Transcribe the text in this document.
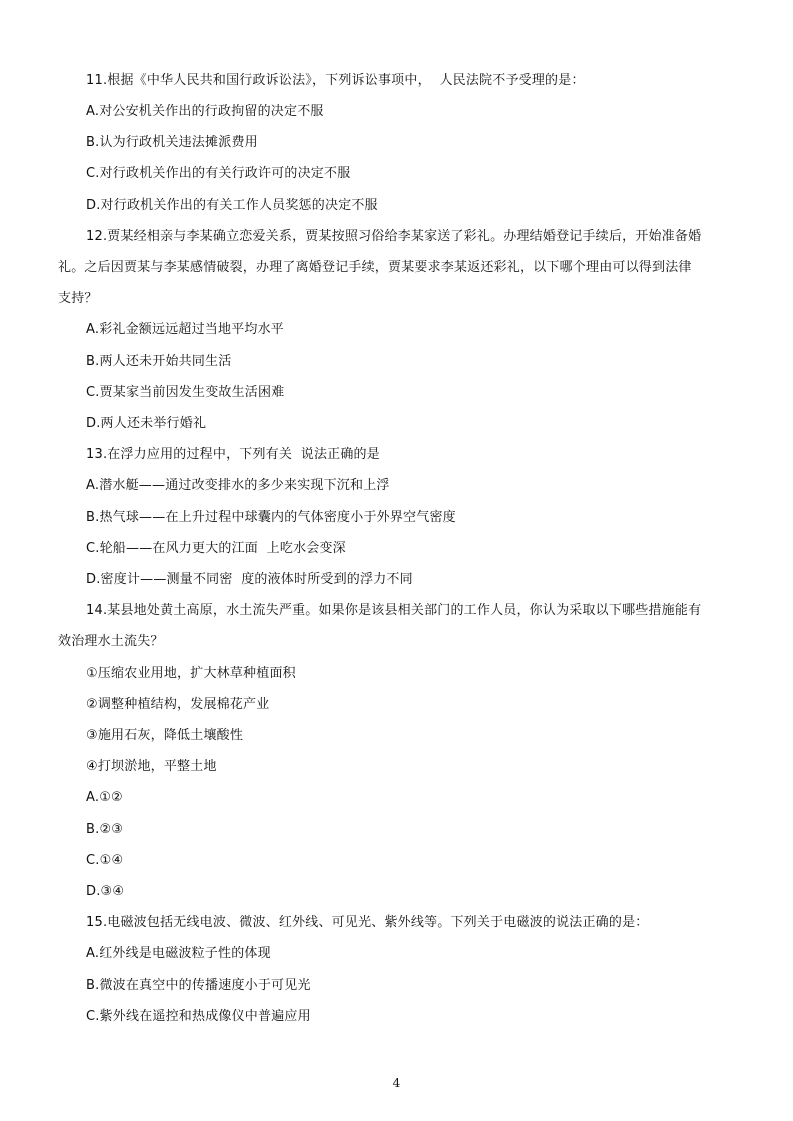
11.根据《中华人民共和国行政诉讼法》，下列诉讼事项中，  人民法院不予受理的是：
A.对公安机关作出的行政拘留的决定不服
B.认为行政机关违法摊派费用
C.对行政机关作出的有关行政许可的决定不服
D.对行政机关作出的有关工作人员奖惩的决定不服
12.贾某经相亲与李某确立恋爱关系，贾某按照习俗给李某家送了彩礼。办理结婚登记手续后，开始准备婚
礼。之后因贾某与李某感情破裂，办理了离婚登记手续，贾某要求李某返还彩礼，以下哪个理由可以得到法律
支持？
A.彩礼金额远远超过当地平均水平
B.两人还未开始共同生活
C.贾某家当前因发生变故生活困难
D.两人还未举行婚礼
13.在浮力应用的过程中，下列有关  说法正确的是
A.潜水艇——通过改变排水的多少来实现下沉和上浮
B.热气球——在上升过程中球囊内的气体密度小于外界空气密度
C.轮船——在风力更大的江面  上吃水会变深
D.密度计——测量不同密  度的液体时所受到的浮力不同
14.某县地处黄土高原，水土流失严重。如果你是该县相关部门的工作人员，你认为采取以下哪些措施能有
效治理水土流失？
①压缩农业用地，扩大林草种植面积
②调整种植结构，发展棉花产业
③施用石灰，降低土壤酸性
④打坝淤地，平整土地
A.①②
B.②③
C.①④
D.③④
15.电磁波包括无线电波、微波、红外线、可见光、紫外线等。下列关于电磁波的说法正确的是：
A.红外线是电磁波粒子性的体现
B.微波在真空中的传播速度小于可见光
C.紫外线在遥控和热成像仪中普遍应用
4
